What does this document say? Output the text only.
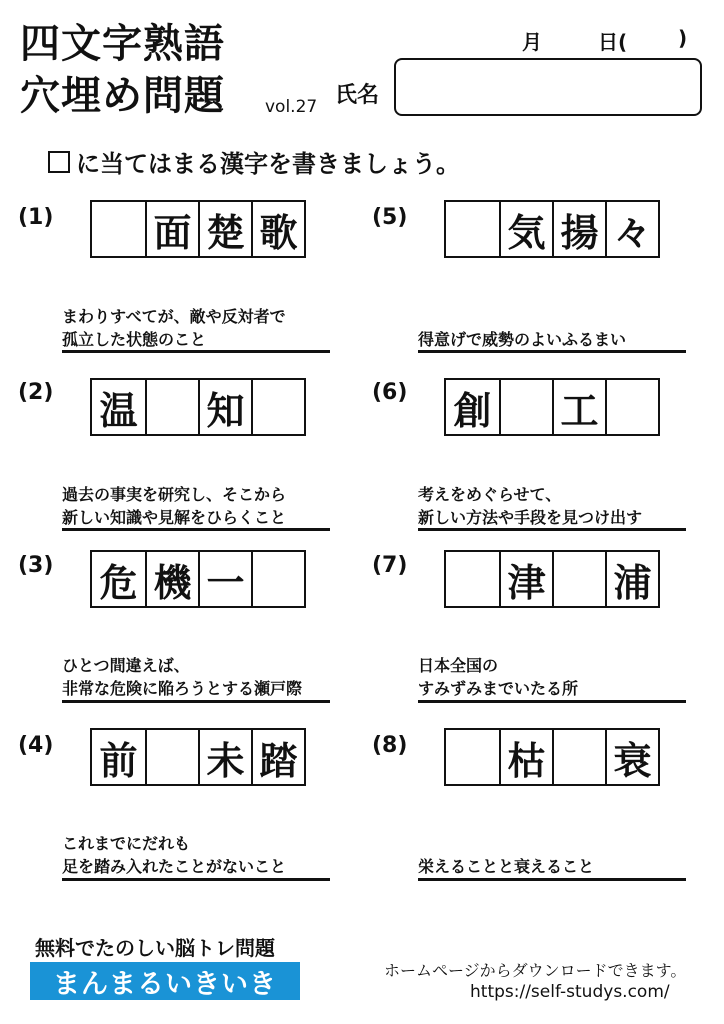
四文字熟語
穴埋め問題 vol.27
月	日(	)
氏名
に当てはまる漢字を書きましょう。
(1)	面 楚 歌
まわりすべてが、敵や反対者で
孤立した状態のこと
(2) 温 知
過去の事実を研究し、そこから
新しい知識や見解をひらくこと
(3) 危 機 一
ひとつ間違えば、
非常な危険に陥ろうとする瀬戸際
(4) 前 未 踏
これまでにだれも
足を踏み入れたことがないこと
(5)	気 揚 々
得意げで威勢のよいふるまい
(6) 創 工
考えをめぐらせて、
新しい方法や手段を見つけ出す
(7)	津 浦
日本全国の
すみずみまでいたる所
(8)	枯 衰
栄えることと衰えること
無料でたのしい脳トレ問題
まんまるいきいき	ホームページからダウンロードできます。
https://self-studys.com/
